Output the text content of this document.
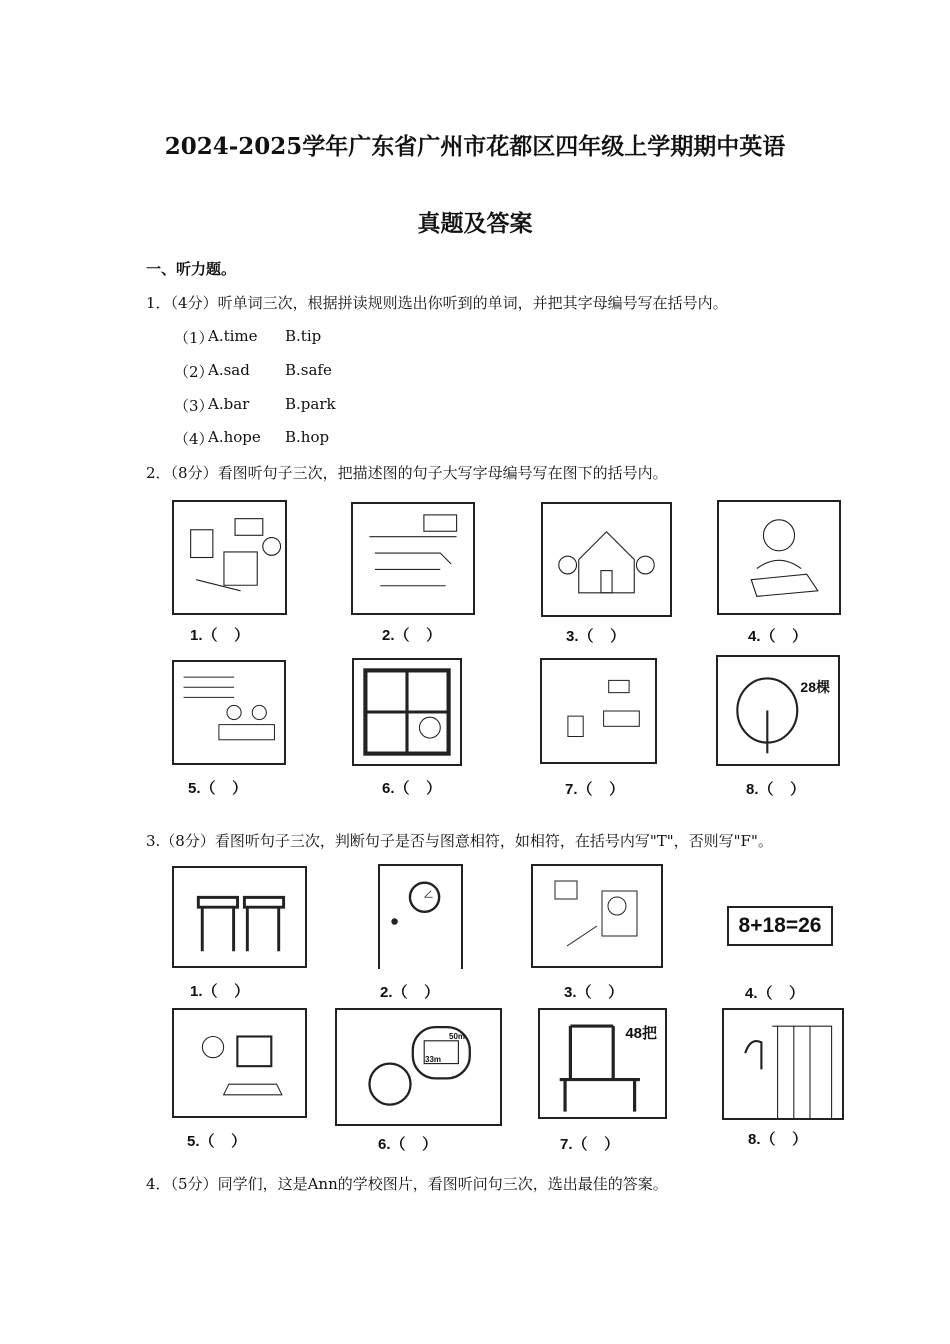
2024-2025学年广东省广州市花都区四年级上学期期中英语
真题及答案
一、听力题。
1．（4分）听单词三次，根据拼读规则选出你听到的单词，并把其字母编号写在括号内。
（1）
A.time B.tip
（2）
A.sad B.safe
（3）
A.bar B.park
（4）
A.hope B.hop
2．（8分）看图听句子三次，把描述图的句子大写字母编号写在图下的括号内。
1.（    ）	2.（    ）	3.（    ）	4.（    ）
28棵
5.（    ）	6.（    ）	7.（    ）	8.（    ）
3.（8分）看图听句子三次，判断句子是否与图意相符，如相符，在括号内写"T"，否则写"F"。
8+18=26
1.（    ）	2.（    ）	3.（    ）	4.（    ）
50m
33m
48把
5.（    ）	6.（    ）	7.（    ）	8.（    ）
4．（5分）同学们，这是Ann的学校图片，看图听问句三次，选出最佳的答案。
